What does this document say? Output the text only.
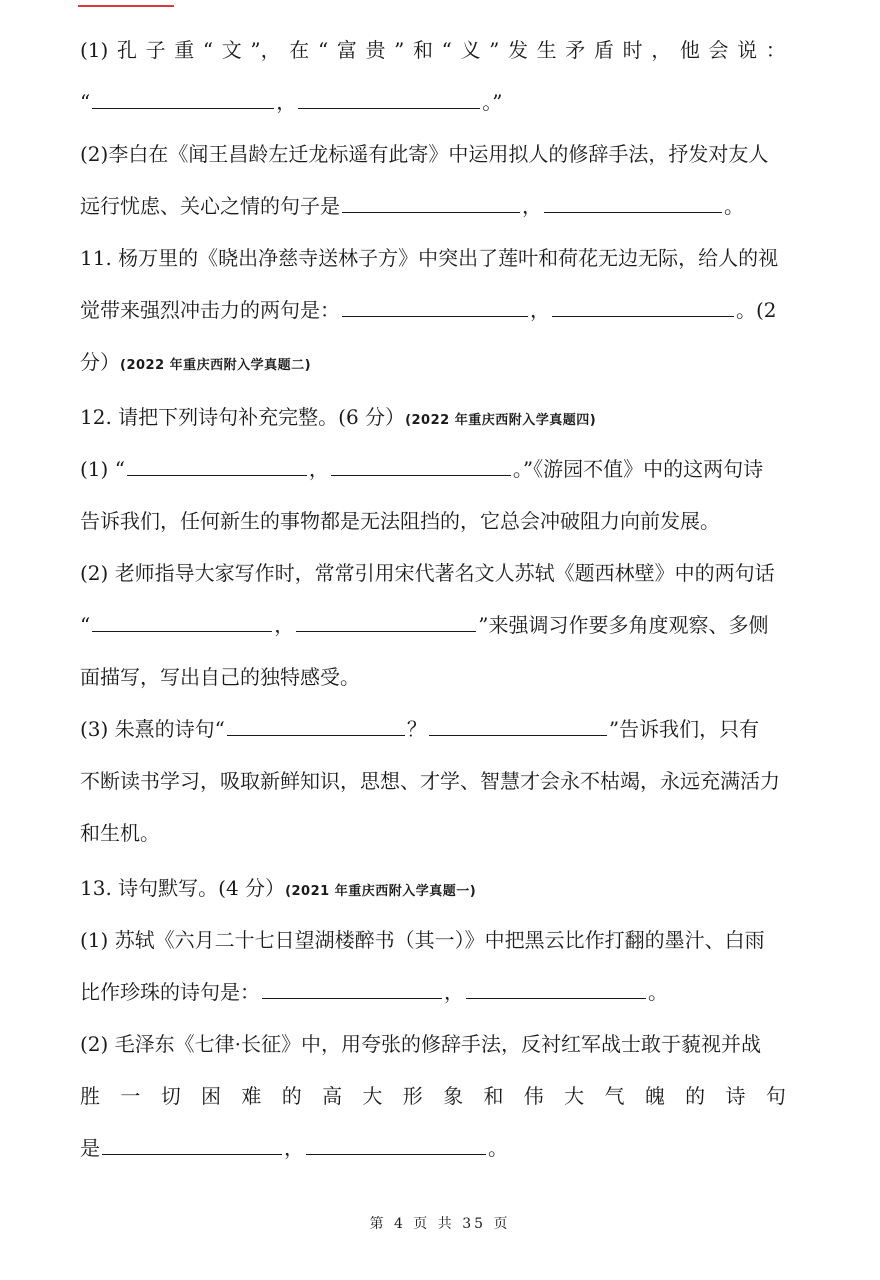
(1) 孔 子 重 “ 文 ”， 在 “ 富 贵 ” 和 “ 义 ” 发 生 矛 盾 时 ， 他 会 说 ：
“	，	。”
(2)李白在《闻王昌龄左迁龙标遥有此寄》中运用拟人的修辞手法，抒发对友人
远行忧虑、关心之情的句子是	，	。
11. 杨万里的《晓出净慈寺送林子方》中突出了莲叶和荷花无边无际，给人的视
觉带来强烈冲击力的两句是：	，	。(2
分）(2022 年重庆西附入学真题二)
12. 请把下列诗句补充完整。(6 分）(2022 年重庆西附入学真题四)
(1) “	，	。”《游园不值》中的这两句诗
告诉我们，任何新生的事物都是无法阻挡的，它总会冲破阻力向前发展。
(2) 老师指导大家写作时，常常引用宋代著名文人苏轼《题西林壁》中的两句话
“	，	”来强调习作要多角度观察、多侧
面描写，写出自己的独特感受。
(3) 朱熹的诗句“	？	”告诉我们，只有
不断读书学习，吸取新鲜知识，思想、才学、智慧才会永不枯竭，永远充满活力
和生机。
13. 诗句默写。(4 分）(2021 年重庆西附入学真题一)
(1) 苏轼《六月二十七日望湖楼醉书（其一）》中把黑云比作打翻的墨汁、白雨
比作珍珠的诗句是：	，	。
(2) 毛泽东《七律·长征》中，用夸张的修辞手法，反衬红军战士敢于藐视并战
胜 一 切 困 难 的 高 大 形 象 和 伟 大 气 魄 的 诗 句
是	，	。
第 4 页 共 35 页
